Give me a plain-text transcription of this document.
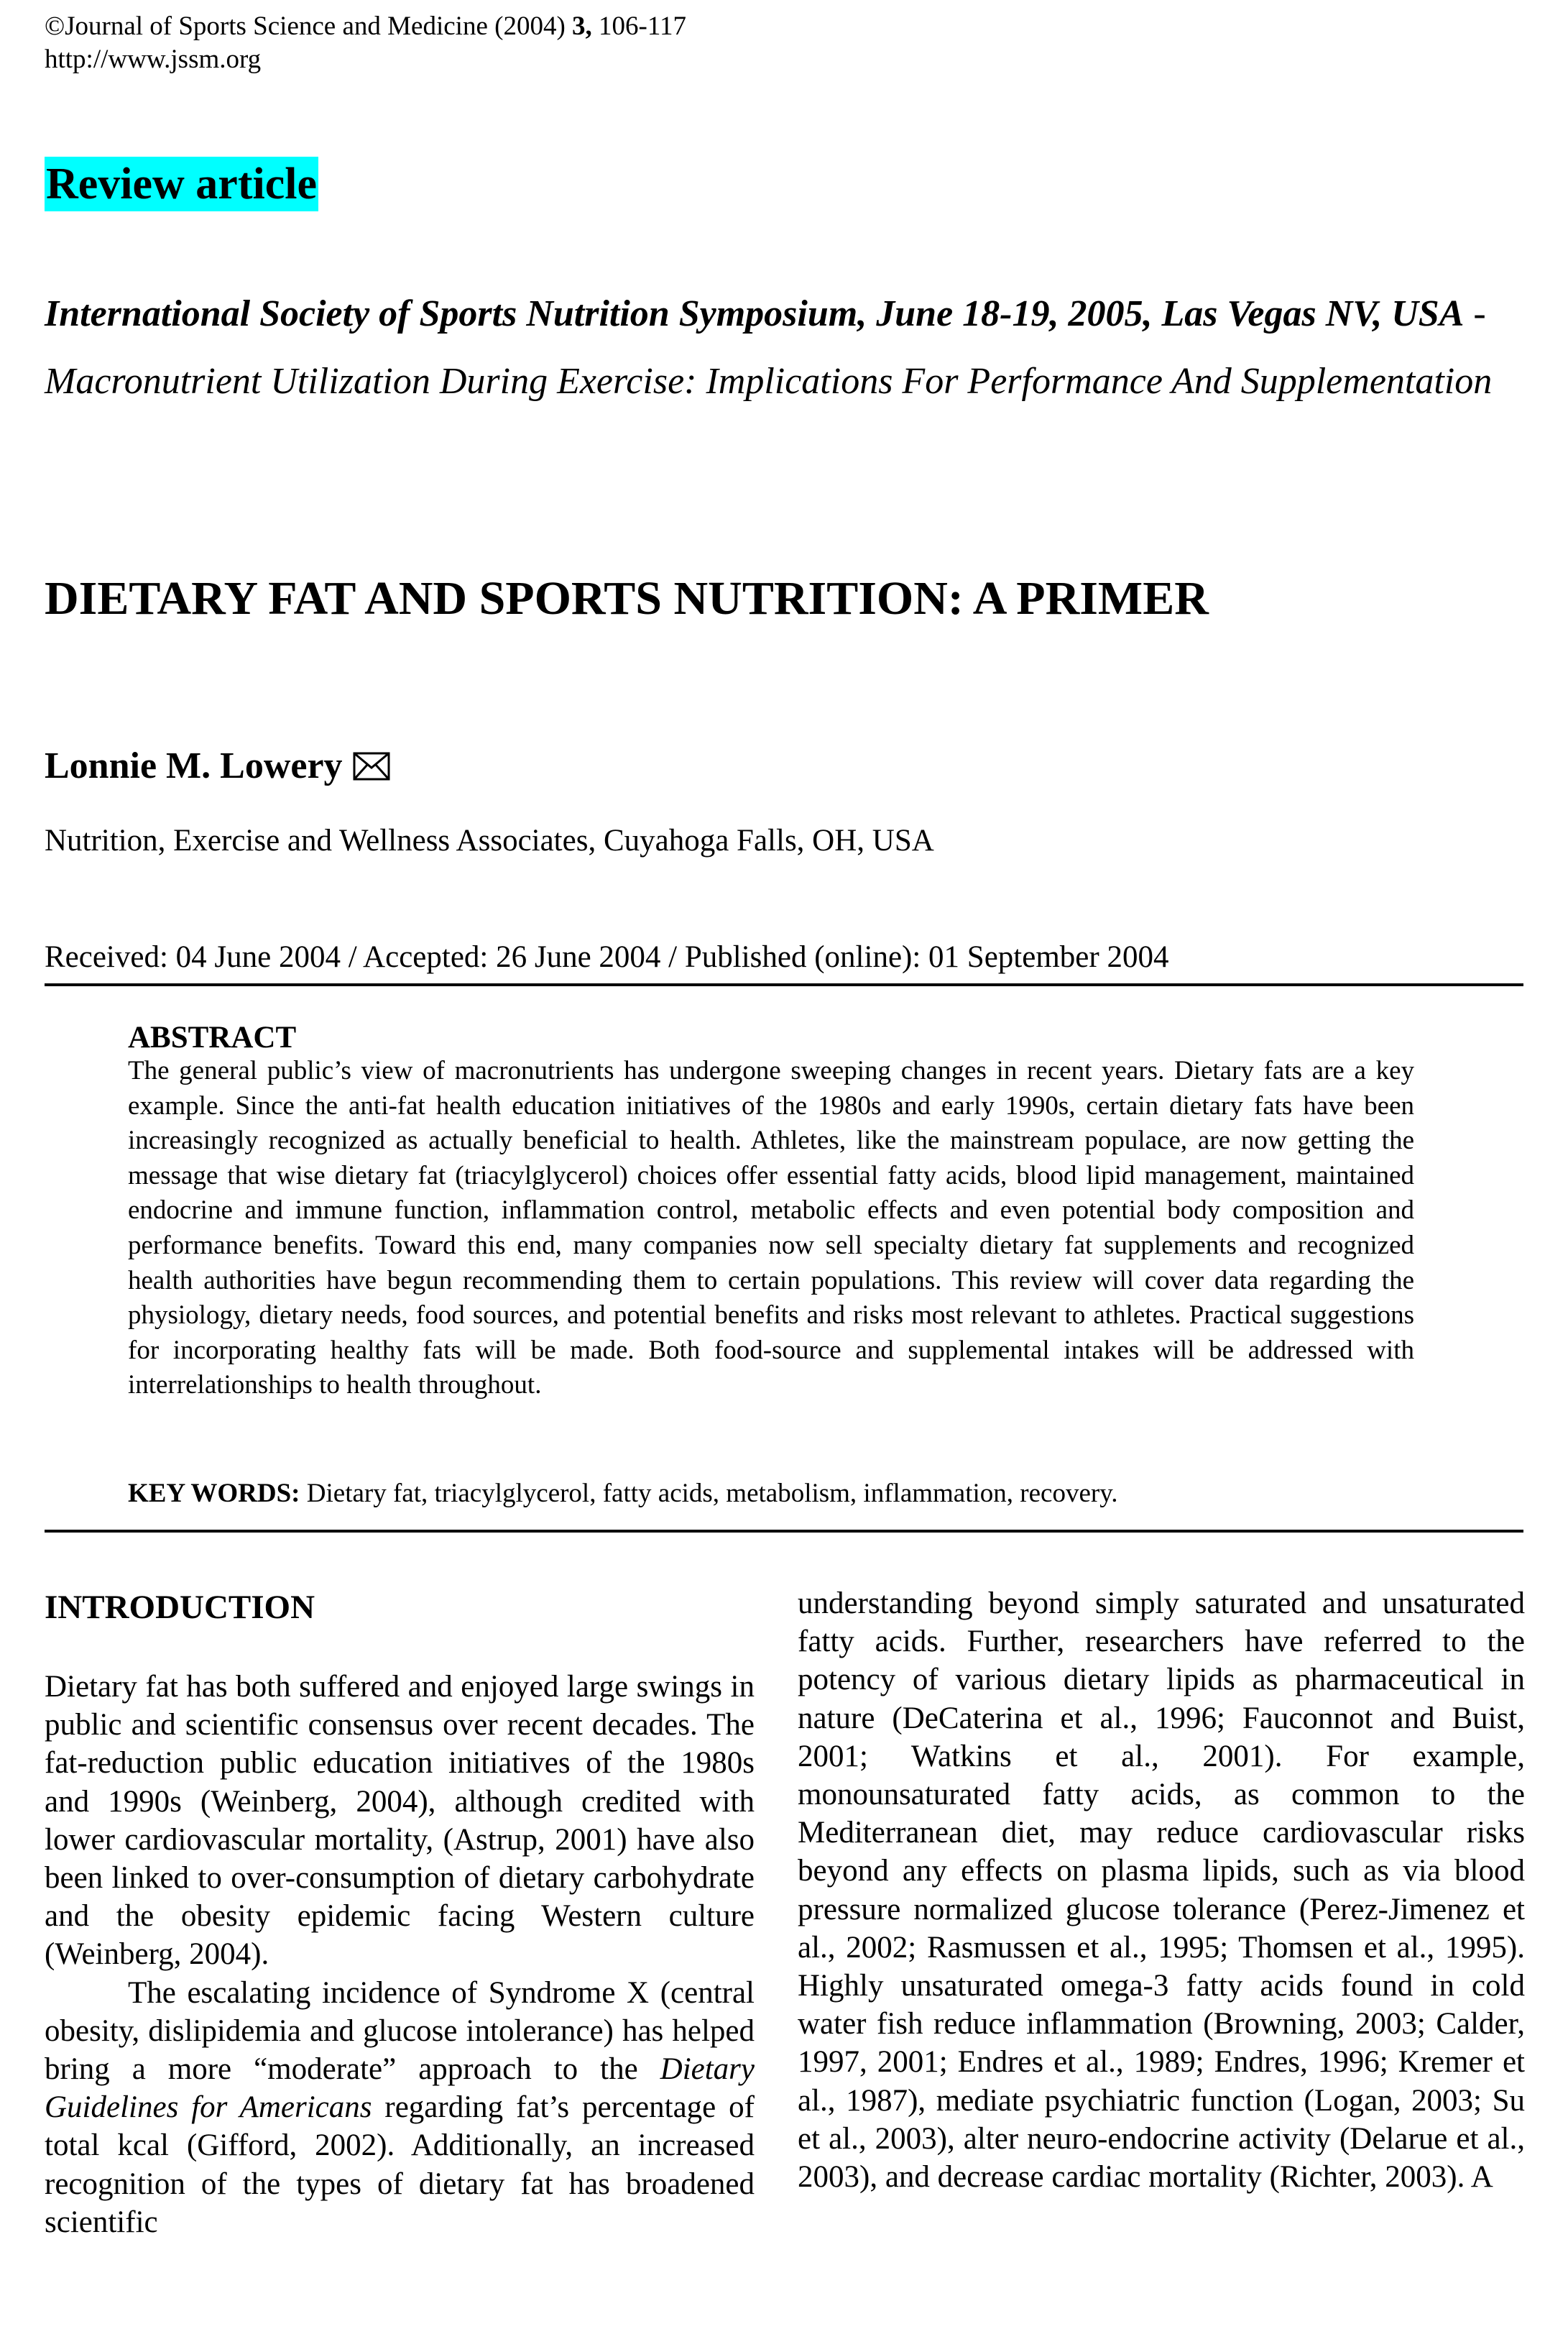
©Journal of Sports Science and Medicine (2004) 3, 106-117
http://www.jssm.org
Review article
International Society of Sports Nutrition Symposium, June 18-19, 2005, Las Vegas NV, USA - Macronutrient Utilization During Exercise: Implications For Performance And Supplementation
DIETARY FAT AND SPORTS NUTRITION: A PRIMER
Lonnie M. Lowery
Nutrition, Exercise and Wellness Associates, Cuyahoga Falls, OH, USA
Received: 04 June 2004 / Accepted: 26 June 2004 / Published (online): 01 September 2004
ABSTRACT
The general public’s view of macronutrients has undergone sweeping changes in recent years. Dietary fats are a key example. Since the anti-fat health education initiatives of the 1980s and early 1990s, certain dietary fats have been increasingly recognized as actually beneficial to health. Athletes, like the mainstream populace, are now getting the message that wise dietary fat (triacylglycerol) choices offer essential fatty acids, blood lipid management, maintained endocrine and immune function, inflammation control, metabolic effects and even potential body composition and performance benefits. Toward this end, many companies now sell specialty dietary fat supplements and recognized health authorities have begun recommending them to certain populations. This review will cover data regarding the physiology, dietary needs, food sources, and potential benefits and risks most relevant to athletes. Practical suggestions for incorporating healthy fats will be made. Both food-source and supplemental intakes will be addressed with interrelationships to health throughout.
KEY WORDS: Dietary fat, triacylglycerol, fatty acids, metabolism, inflammation, recovery.
INTRODUCTION

Dietary fat has both suffered and enjoyed large swings in public and scientific consensus over recent decades. The fat-reduction public education initiatives of the 1980s and 1990s (Weinberg, 2004), although credited with lower cardiovascular mortality, (Astrup, 2001) have also been linked to over-consumption of dietary carbohydrate and the obesity epidemic facing Western culture (Weinberg, 2004).

The escalating incidence of Syndrome X (central obesity, dislipidemia and glucose intolerance) has helped bring a more “moderate” approach to the Dietary Guidelines for Americans regarding fat’s percentage of total kcal (Gifford, 2002). Additionally, an increased recognition of the types of dietary fat has broadened scientific

understanding beyond simply saturated and unsaturated fatty acids. Further, researchers have referred to the potency of various dietary lipids as pharmaceutical in nature (DeCaterina et al., 1996; Fauconnot and Buist, 2001; Watkins et al., 2001). For example, monounsaturated fatty acids, as common to the Mediterranean diet, may reduce cardiovascular risks beyond any effects on plasma lipids, such as via blood pressure normalized glucose tolerance (Perez-Jimenez et al., 2002; Rasmussen et al., 1995; Thomsen et al., 1995). Highly unsaturated omega-3 fatty acids found in cold water fish reduce inflammation (Browning, 2003; Calder, 1997, 2001; Endres et al., 1989; Endres, 1996; Kremer et al., 1987), mediate psychiatric function (Logan, 2003; Su et al., 2003), alter neuro-endocrine activity (Delarue et al., 2003), and decrease cardiac mortality (Richter, 2003). A
